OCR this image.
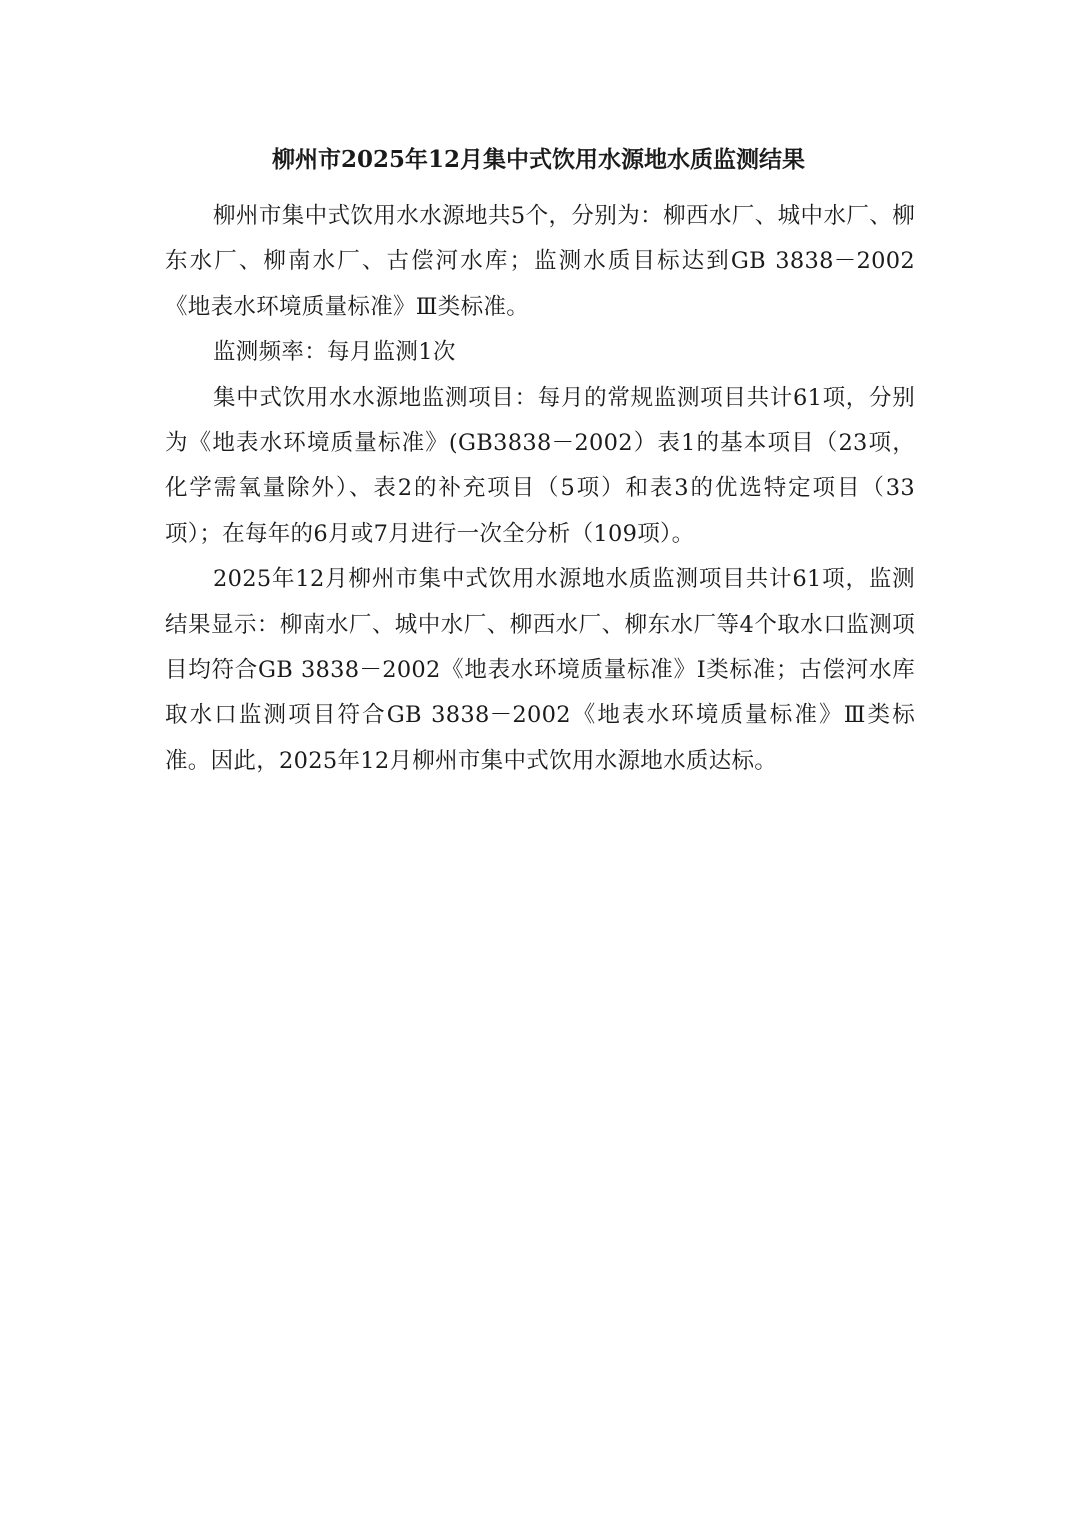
柳州市2025年12月集中式饮用水源地水质监测结果

柳州市集中式饮用水水源地共5个，分别为：柳西水厂、城中水厂、柳东水厂、柳南水厂、古偿河水库；监测水质目标达到GB 3838－2002《地表水环境质量标准》Ⅲ类标准。

监测频率：每月监测1次

集中式饮用水水源地监测项目：每月的常规监测项目共计61项，分别为《地表水环境质量标准》(GB3838－2002）表1的基本项目（23项，化学需氧量除外）、表2的补充项目（5项）和表3的优选特定项目（33项）；在每年的6月或7月进行一次全分析（109项）。

2025年12月柳州市集中式饮用水源地水质监测项目共计61项，监测结果显示：柳南水厂、城中水厂、柳西水厂、柳东水厂等4个取水口监测项目均符合GB 3838－2002《地表水环境质量标准》Ⅰ类标准；古偿河水库取水口监测项目符合GB 3838－2002《地表水环境质量标准》Ⅲ类标准。因此，2025年12月柳州市集中式饮用水源地水质达标。
